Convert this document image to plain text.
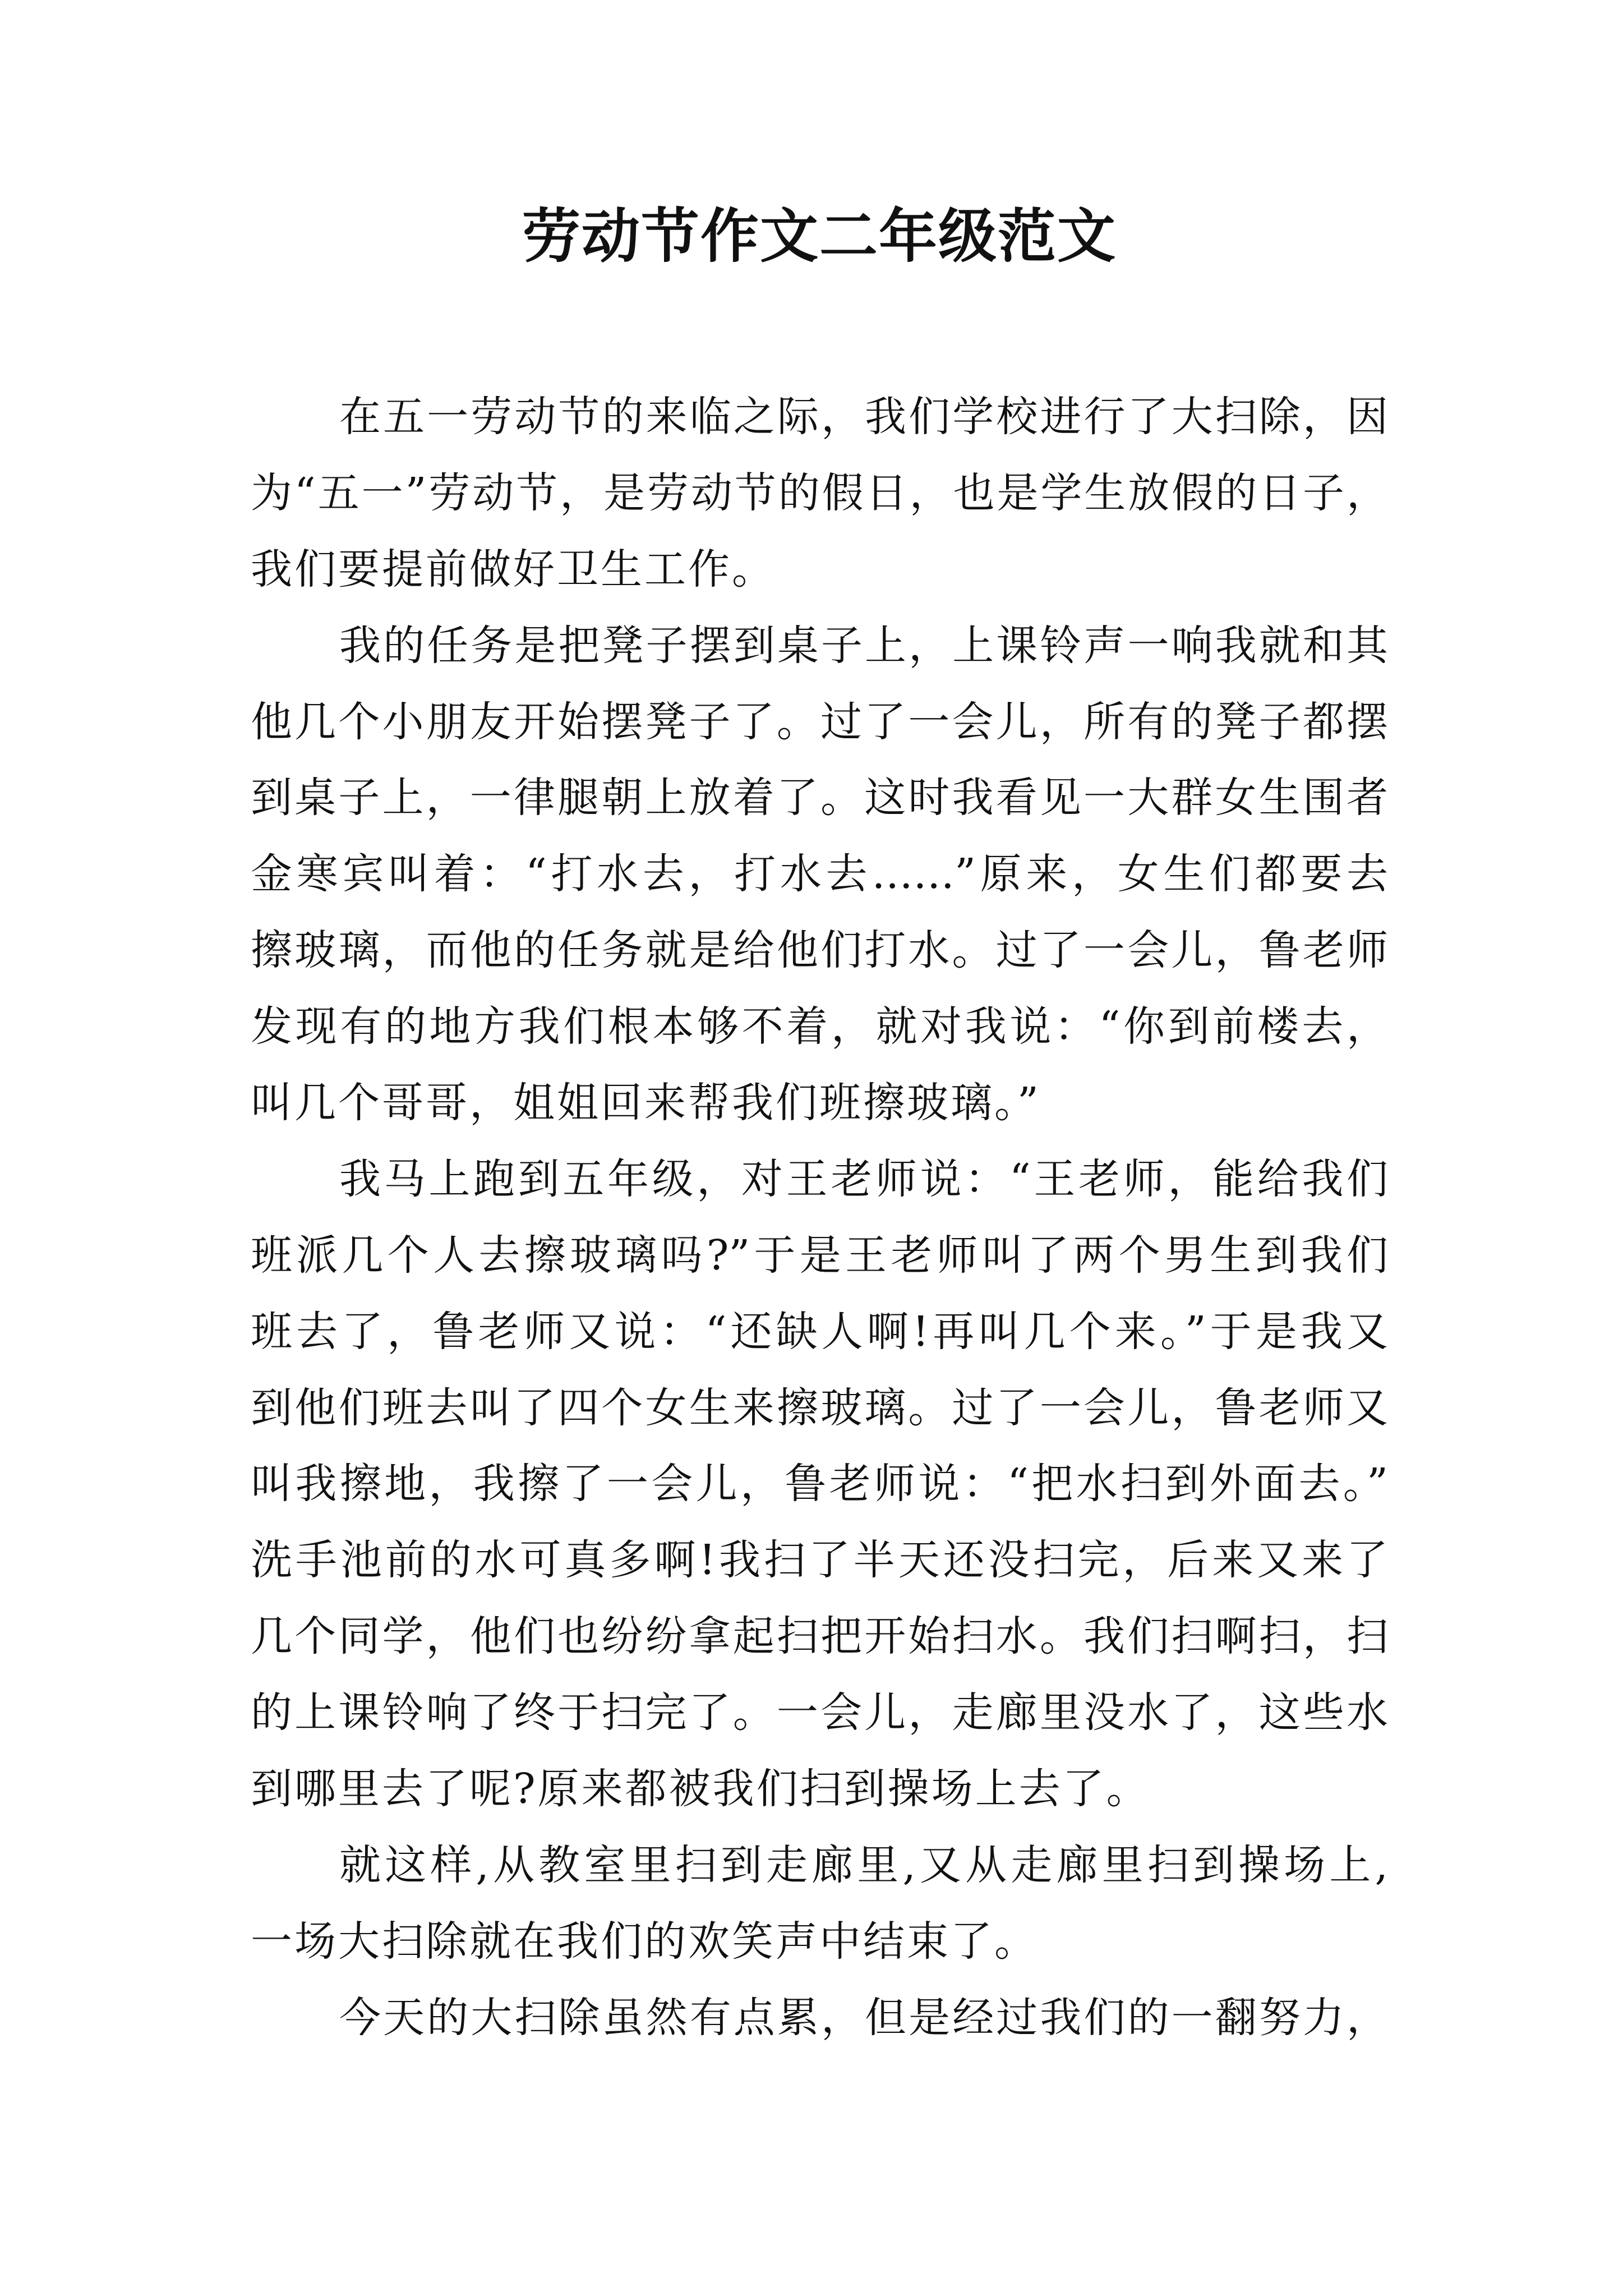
劳动节作文二年级范文
在五一劳动节的来临之际，我们学校进行了大扫除，因
为“五一”劳动节，是劳动节的假日，也是学生放假的日子，
我们要提前做好卫生工作。
我的任务是把凳子摆到桌子上，上课铃声一响我就和其
他几个小朋友开始摆凳子了。过了一会儿，所有的凳子都摆
到桌子上，一律腿朝上放着了。这时我看见一大群女生围者
金寒宾叫着：“打水去，打水去……”原来，女生们都要去
擦玻璃，而他的任务就是给他们打水。过了一会儿，鲁老师
发现有的地方我们根本够不着，就对我说：“你到前楼去，
叫几个哥哥，姐姐回来帮我们班擦玻璃。”
我马上跑到五年级，对王老师说：“王老师，能给我们
班派几个人去擦玻璃吗?”于是王老师叫了两个男生到我们
班去了，鲁老师又说：“还缺人啊!再叫几个来。”于是我又
到他们班去叫了四个女生来擦玻璃。过了一会儿，鲁老师又
叫我擦地，我擦了一会儿，鲁老师说：“把水扫到外面去。”
洗手池前的水可真多啊!我扫了半天还没扫完，后来又来了
几个同学，他们也纷纷拿起扫把开始扫水。我们扫啊扫，扫
的上课铃响了终于扫完了。一会儿，走廊里没水了，这些水
到哪里去了呢?原来都被我们扫到操场上去了。
就这样,从教室里扫到走廊里,又从走廊里扫到操场上,
一场大扫除就在我们的欢笑声中结束了。
今天的大扫除虽然有点累，但是经过我们的一翻努力，
